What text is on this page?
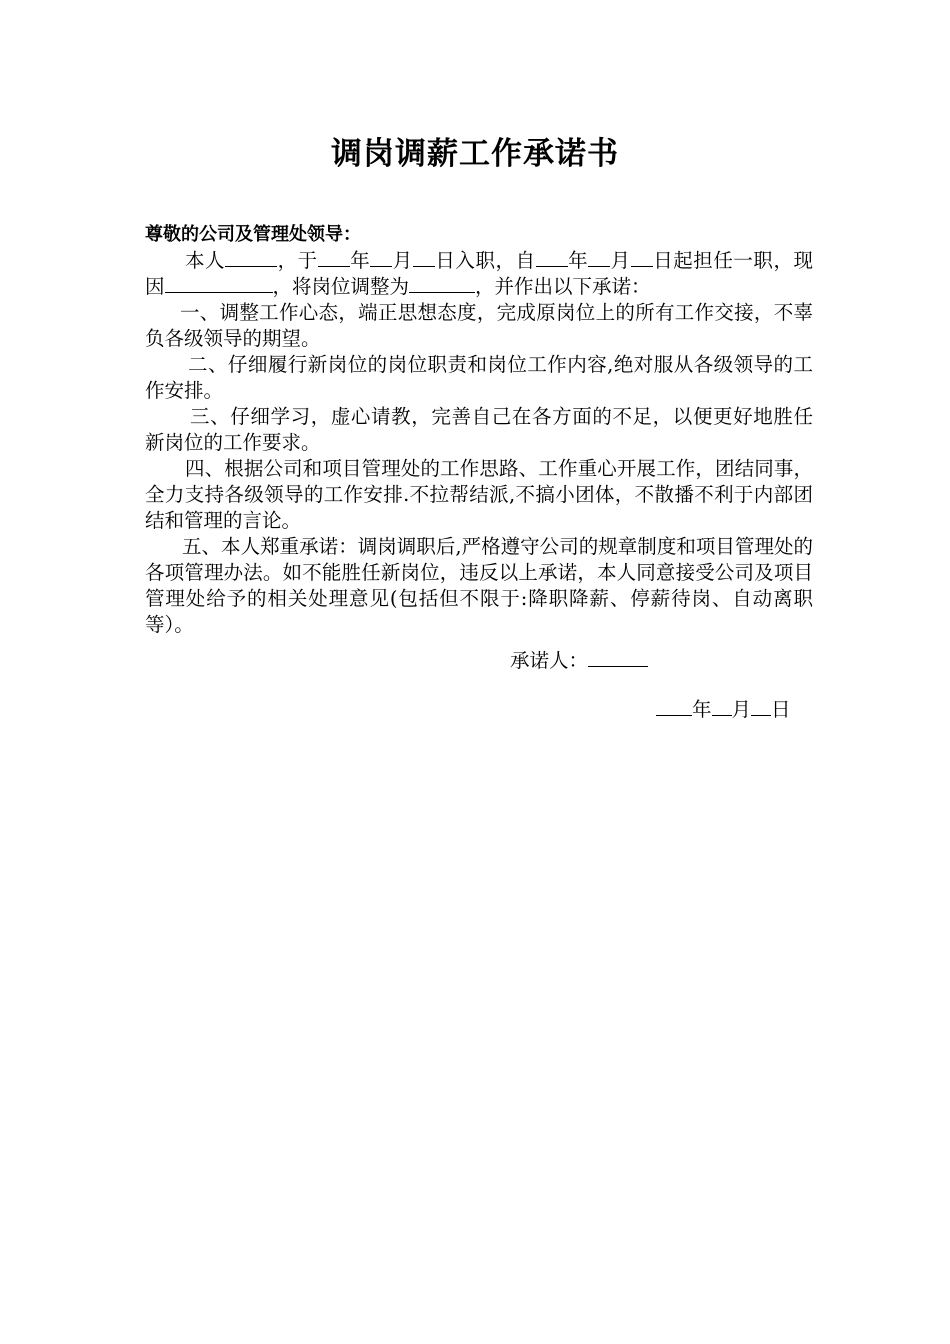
调岗调薪工作承诺书

尊敬的公司及管理处领导：

本人	，于 年 月 日入职，自 年 月 日起担任一职，现因	，将岗位调整为	，并作出以下承诺：

一、调整工作心态，端正思想态度，完成原岗位上的所有工作交接，不辜负各级领导的期望。

二、仔细履行新岗位的岗位职责和岗位工作内容,绝对服从各级领导的工作安排。

三、仔细学习，虚心请教，完善自己在各方面的不足，以便更好地胜任新岗位的工作要求。

四、根据公司和项目管理处的工作思路、工作重心开展工作，团结同事，全力支持各级领导的工作安排.不拉帮结派,不搞小团体，不散播不利于内部团结和管理的言论。

五、本人郑重承诺：调岗调职后,严格遵守公司的规章制度和项目管理处的各项管理办法。如不能胜任新岗位，违反以上承诺，本人同意接受公司及项目管理处给予的相关处理意见(包括但不限于:降职降薪、停薪待岗、自动离职等）。

承诺人：
年 月 日
